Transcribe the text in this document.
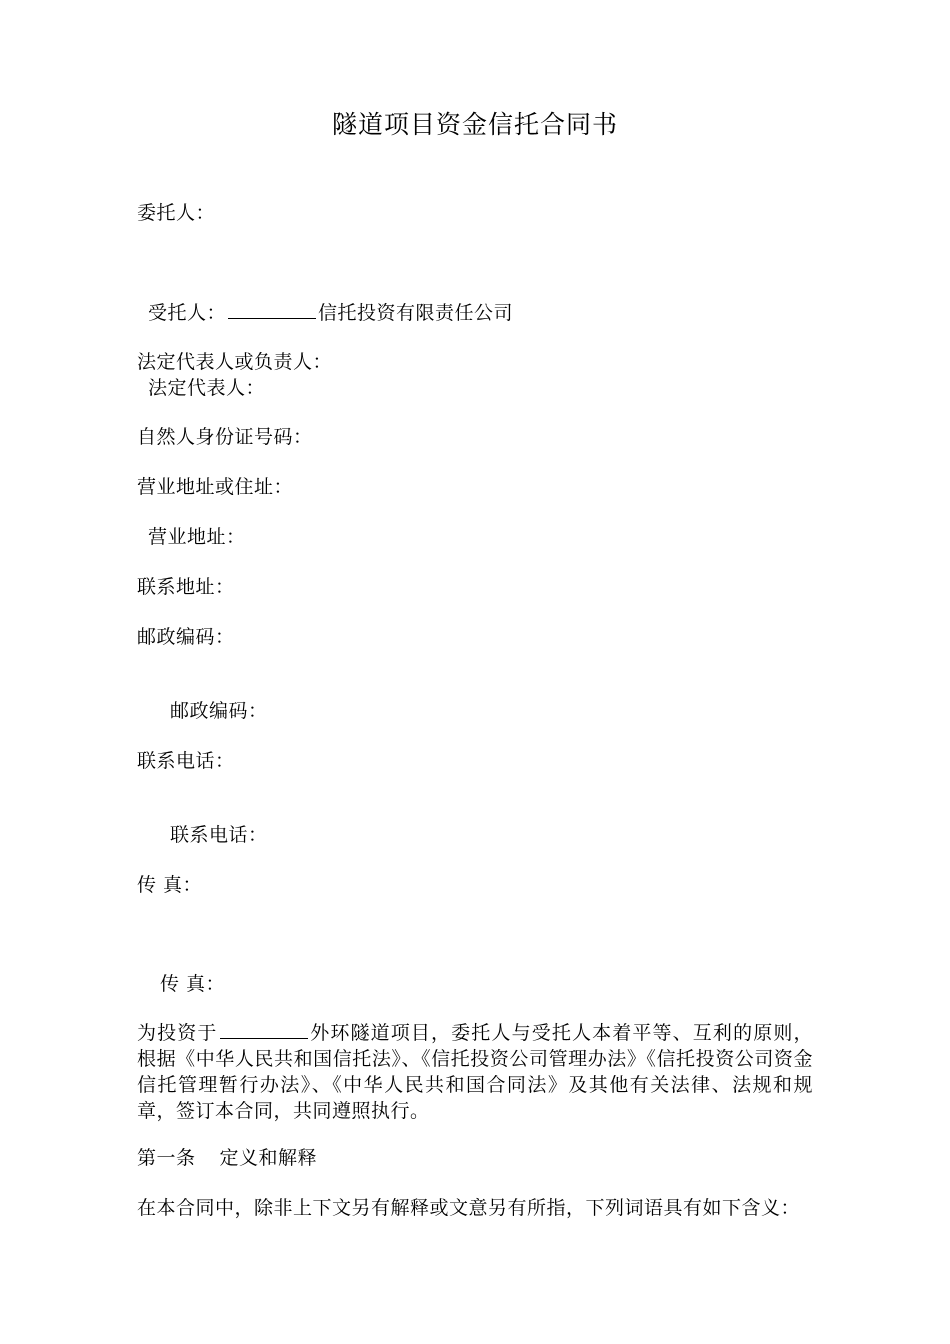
隧道项目资金信托合同书
委托人：
受托人：	信托投资有限责任公司
法定代表人或负责人：
法定代表人：
自然人身份证号码：
营业地址或住址：
营业地址：
联系地址：
邮政编码：
邮政编码：
联系电话：
联系电话：
传 真：
传 真：
为投资于	外环隧道项目，委托人与受托人本着平等、互利的原则，根据《中华人民共和国信托法》、《信托投资公司管理办法》《信托投资公司资金信托管理暂行办法》、《中华人民共和国合同法》及其他有关法律、法规和规章，签订本合同，共同遵照执行。
第一条 定义和解释
在本合同中，除非上下文另有解释或文意另有所指，下列词语具有如下含义：
